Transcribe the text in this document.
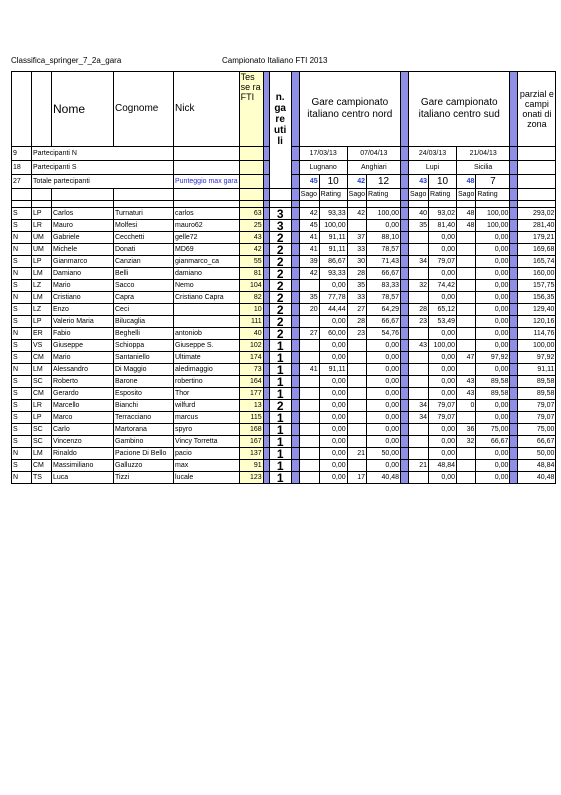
Classifica_springer_7_2a_gara	Campionato Italiano FTI 2013
		Nome	Cognome	Nick	Tes se ra FTI		n. ga re uti li		Gare campionato italiano centro nord					Gare campionato italiano centro sud					parzial e campi onati di zona
9	Partecipanti N								17/03/13		07/04/13			24/03/13		21/04/13			
18	Partecipanti S								Lugnano		Anghiari			Lupi		Sicilia			
27	Totale partecipanti			Punteggio max gara					45	10	42	12		43	10	48	7		
									Sago	Rating	Sago	Rating		Sago	Rating	Sago	Rating		

S	LP	Carlos	Turnaturi	carlos	63		3		42	93,33	42	100,00		40	93,02	48	100,00		293,02
S	LR	Mauro	Molfesi	mauro62	25		3		45	100,00		0,00		35	81,40	48	100,00		281,40
N	UM	Gabriele	Cecchetti	gelle72	43		2		41	91,11	37	88,10			0,00		0,00		179,21
N	UM	Michele	Donati	MD69	42		2		41	91,11	33	78,57			0,00		0,00		169,68
S	LP	Gianmarco	Canzian	gianmarco_ca	55		2		39	86,67	30	71,43		34	79,07		0,00		165,74
N	LM	Damiano	Belli	damiano	81		2		42	93,33	28	66,67			0,00		0,00		160,00
S	LZ	Mario	Sacco	Nemo	104		2			0,00	35	83,33		32	74,42		0,00		157,75
N	LM	Cristiano	Capra	Cristiano Capra	82		2		35	77,78	33	78,57			0,00		0,00		156,35
S	LZ	Enzo	Ceci		10		2		20	44,44	27	64,29		28	65,12		0,00		129,40
S	LP	Valerio Maria	Bilucaglia		111		2			0,00	28	66,67		23	53,49		0,00		120,16
N	ER	Fabio	Beghelli	antoniob	40		2		27	60,00	23	54,76			0,00		0,00		114,76
S	VS	Giuseppe	Schioppa	Giuseppe S.	102		1			0,00		0,00		43	100,00		0,00		100,00
S	CM	Mario	Santaniello	Ultimate	174		1			0,00		0,00			0,00	47	97,92		97,92
N	LM	Alessandro	Di Maggio	aledimaggio	73		1		41	91,11		0,00			0,00		0,00		91,11
S	SC	Roberto	Barone	robertino	164		1			0,00		0,00			0,00	43	89,58		89,58
S	CM	Gerardo	Esposito	Thor	177		1			0,00		0,00			0,00	43	89,58		89,58
S	LR	Marcello	Bianchi	wilfurd	13		2			0,00		0,00		34	79,07	0	0,00		79,07
S	LP	Marco	Terracciano	marcus	115		1			0,00		0,00		34	79,07		0,00		79,07
S	SC	Carlo	Martorana	spyro	168		1			0,00		0,00			0,00	36	75,00		75,00
S	SC	Vincenzo	Gambino	Vincy Torretta	167		1			0,00		0,00			0,00	32	66,67		66,67
N	LM	Rinaldo	Pacione Di Bello	pacio	137		1			0,00	21	50,00			0,00		0,00		50,00
S	CM	Massimiliano	Galluzzo	max	91		1			0,00		0,00		21	48,84		0,00		48,84
N	TS	Luca	Tizzi	lucale	123		1			0,00	17	40,48			0,00		0,00		40,48
